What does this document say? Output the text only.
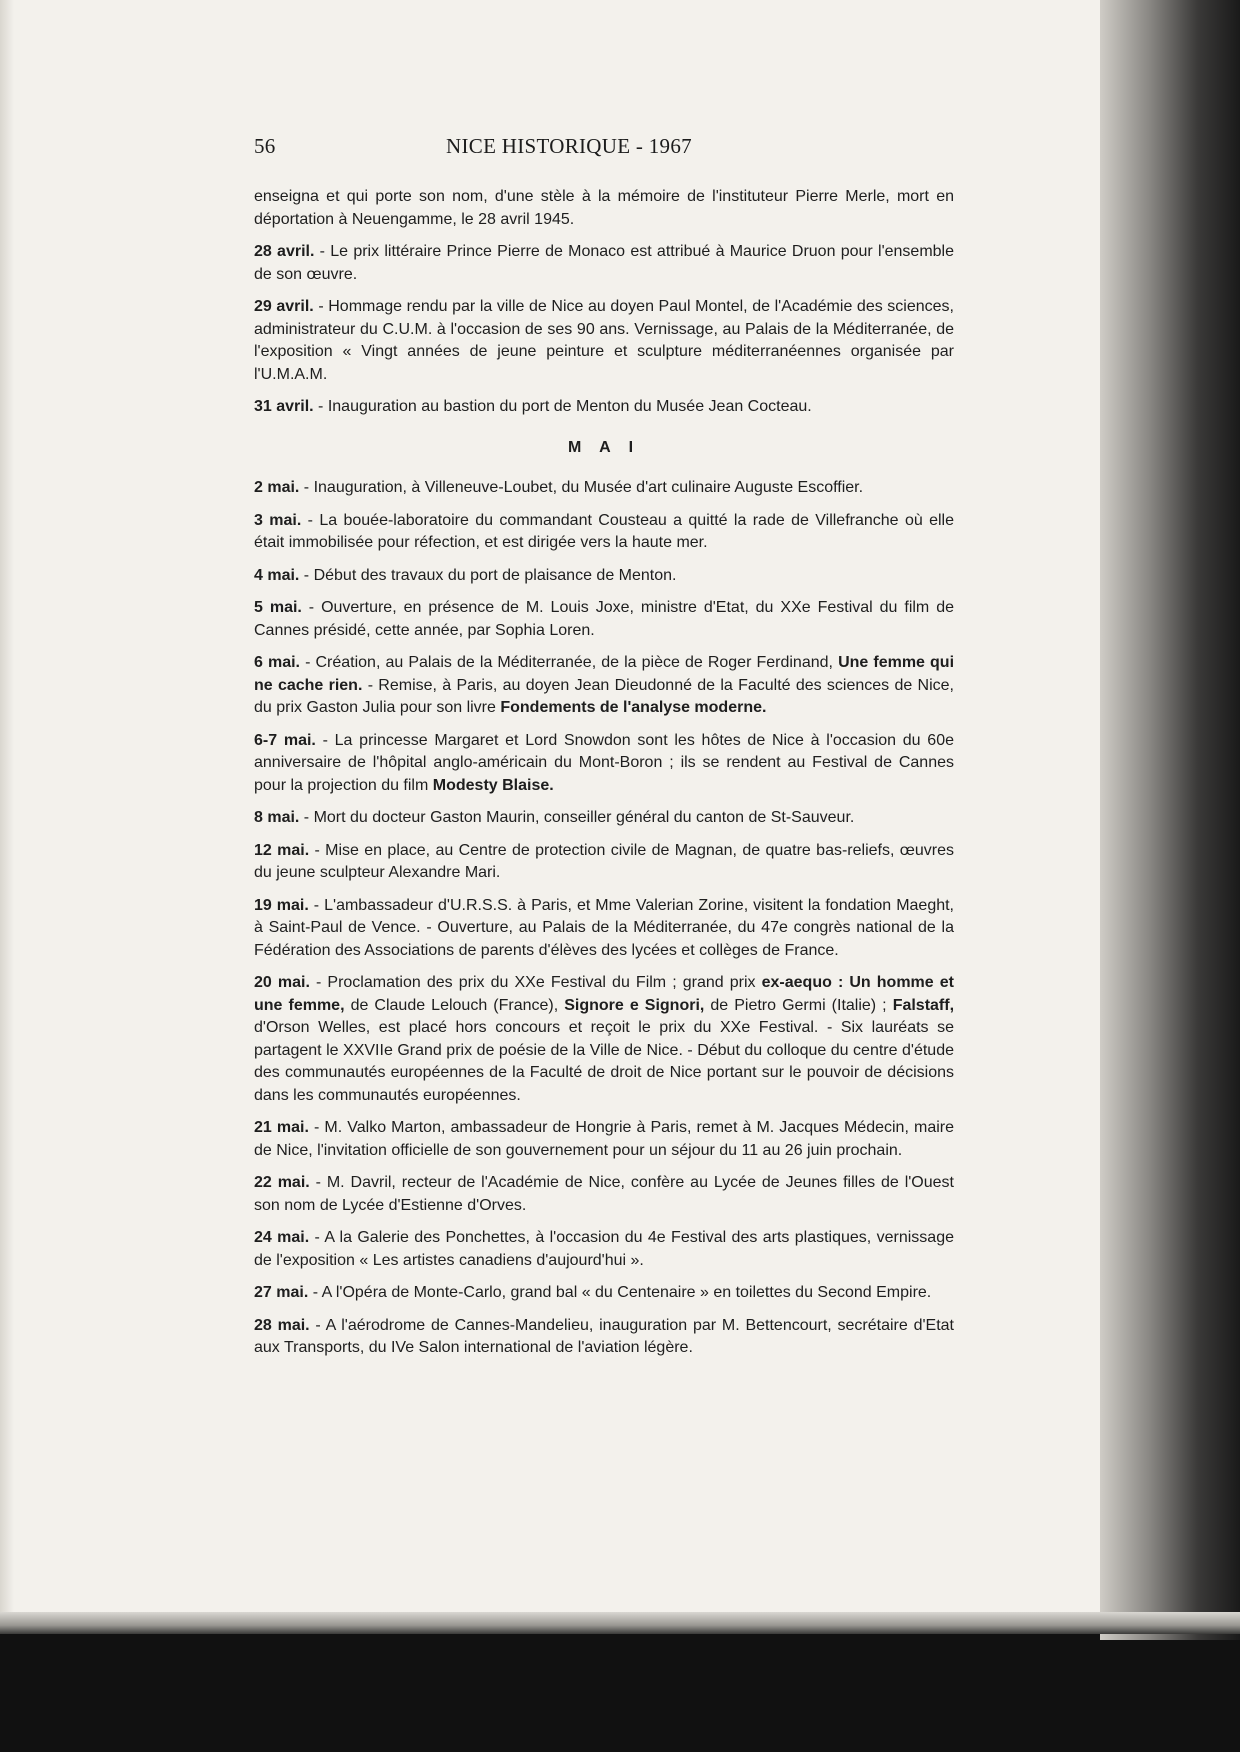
56	NICE HISTORIQUE - 1967
enseigna et qui porte son nom, d'une stèle à la mémoire de l'instituteur Pierre Merle, mort en déportation à Neuengamme, le 28 avril 1945.
28 avril. - Le prix littéraire Prince Pierre de Monaco est attribué à Maurice Druon pour l'ensemble de son œuvre.
29 avril. - Hommage rendu par la ville de Nice au doyen Paul Montel, de l'Académie des sciences, administrateur du C.U.M. à l'occasion de ses 90 ans. Vernissage, au Palais de la Méditerranée, de l'exposition « Vingt années de jeune peinture et sculpture méditerranéennes organisée par l'U.M.A.M.
31 avril. - Inauguration au bastion du port de Menton du Musée Jean Cocteau.
M A I
2 mai. - Inauguration, à Villeneuve-Loubet, du Musée d'art culinaire Auguste Escoffier.
3 mai. - La bouée-laboratoire du commandant Cousteau a quitté la rade de Villefranche où elle était immobilisée pour réfection, et est dirigée vers la haute mer.
4 mai. - Début des travaux du port de plaisance de Menton.
5 mai. - Ouverture, en présence de M. Louis Joxe, ministre d'Etat, du XXe Festival du film de Cannes présidé, cette année, par Sophia Loren.
6 mai. - Création, au Palais de la Méditerranée, de la pièce de Roger Ferdinand, Une femme qui ne cache rien. - Remise, à Paris, au doyen Jean Dieudonné de la Faculté des sciences de Nice, du prix Gaston Julia pour son livre Fondements de l'analyse moderne.
6-7 mai. - La princesse Margaret et Lord Snowdon sont les hôtes de Nice à l'occasion du 60e anniversaire de l'hôpital anglo-américain du Mont-Boron ; ils se rendent au Festival de Cannes pour la projection du film Modesty Blaise.
8 mai. - Mort du docteur Gaston Maurin, conseiller général du canton de St-Sauveur.
12 mai. - Mise en place, au Centre de protection civile de Magnan, de quatre bas-reliefs, œuvres du jeune sculpteur Alexandre Mari.
19 mai. - L'ambassadeur d'U.R.S.S. à Paris, et Mme Valerian Zorine, visitent la fondation Maeght, à Saint-Paul de Vence. - Ouverture, au Palais de la Méditerranée, du 47e congrès national de la Fédération des Associations de parents d'élèves des lycées et collèges de France.
20 mai. - Proclamation des prix du XXe Festival du Film ; grand prix ex-aequo : Un homme et une femme, de Claude Lelouch (France), Signore e Signori, de Pietro Germi (Italie) ; Falstaff, d'Orson Welles, est placé hors concours et reçoit le prix du XXe Festival. - Six lauréats se partagent le XXVIIe Grand prix de poésie de la Ville de Nice. - Début du colloque du centre d'étude des communautés européennes de la Faculté de droit de Nice portant sur le pouvoir de décisions dans les communautés européennes.
21 mai. - M. Valko Marton, ambassadeur de Hongrie à Paris, remet à M. Jacques Médecin, maire de Nice, l'invitation officielle de son gouvernement pour un séjour du 11 au 26 juin prochain.
22 mai. - M. Davril, recteur de l'Académie de Nice, confère au Lycée de Jeunes filles de l'Ouest son nom de Lycée d'Estienne d'Orves.
24 mai. - A la Galerie des Ponchettes, à l'occasion du 4e Festival des arts plastiques, vernissage de l'exposition « Les artistes canadiens d'aujourd'hui ».
27 mai. - A l'Opéra de Monte-Carlo, grand bal « du Centenaire » en toilettes du Second Empire.
28 mai. - A l'aérodrome de Cannes-Mandelieu, inauguration par M. Bettencourt, secrétaire d'Etat aux Transports, du IVe Salon international de l'aviation légère.
